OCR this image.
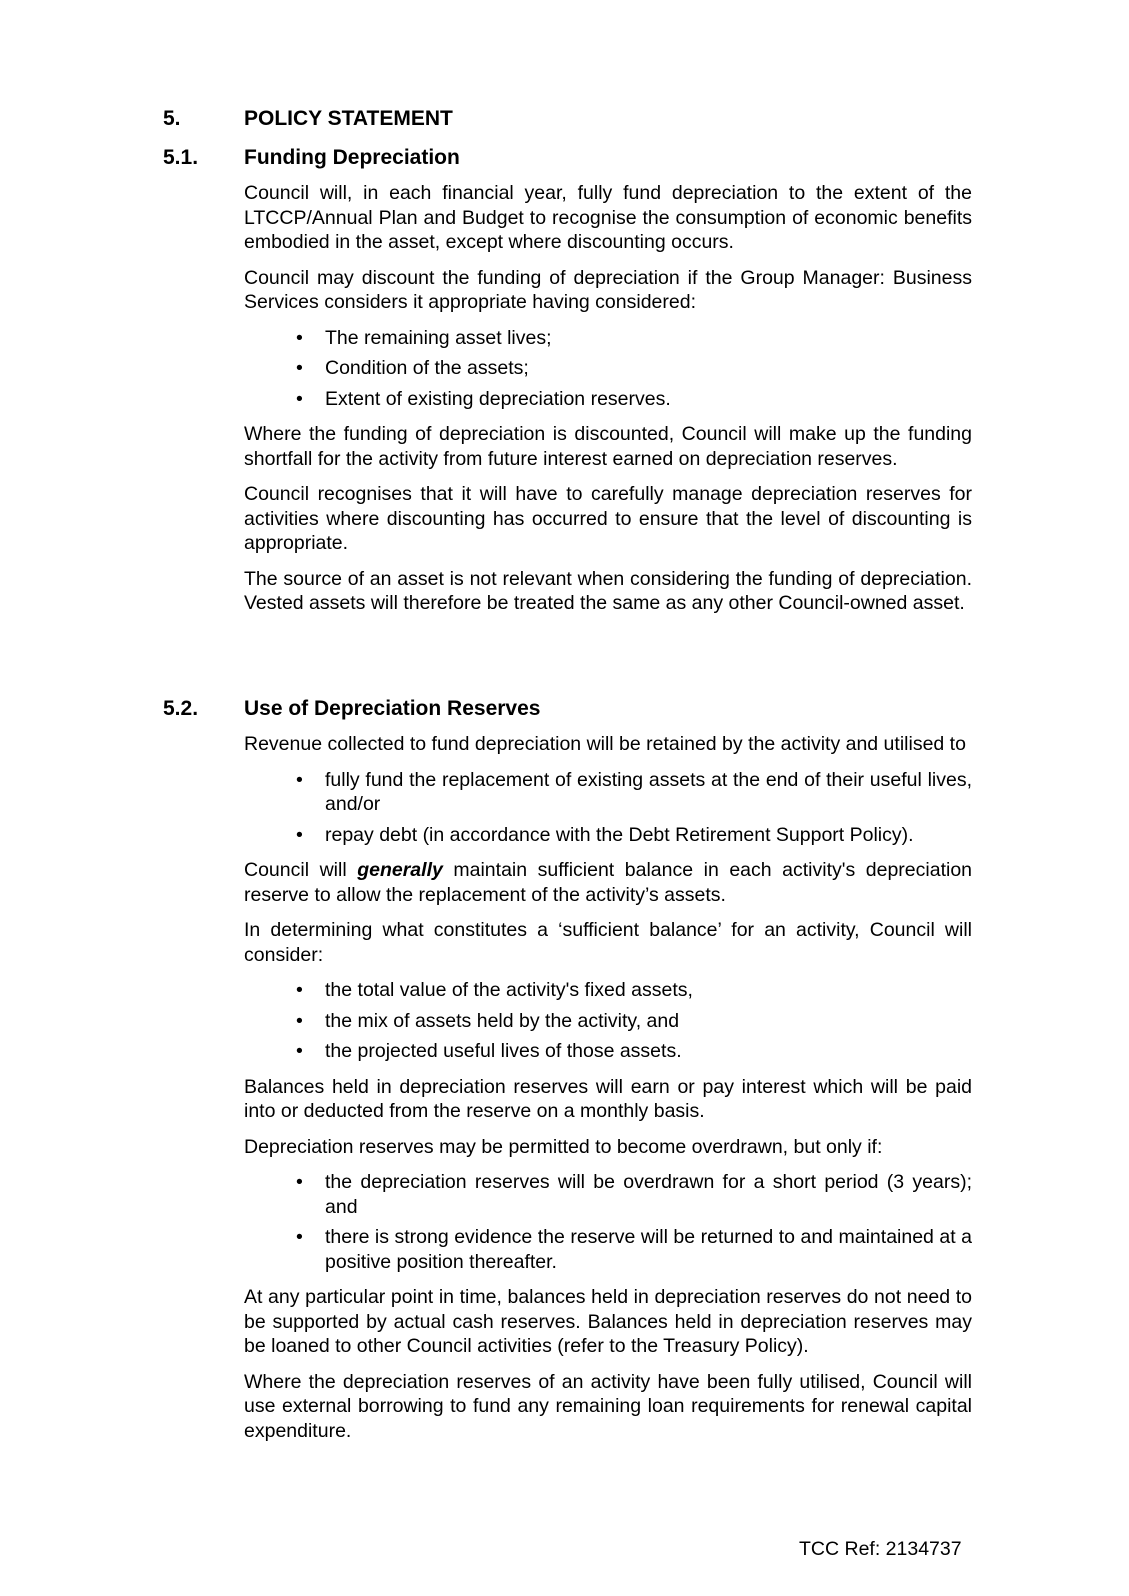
5.	POLICY STATEMENT
5.1. Funding Depreciation

Council will, in each financial year, fully fund depreciation to the extent of the LTCCP/Annual Plan and Budget to recognise the consumption of economic benefits embodied in the asset, except where discounting occurs.

Council may discount the funding of depreciation if the Group Manager: Business Services considers it appropriate having considered:

• The remaining asset lives;
• Condition of the assets;
• Extent of existing depreciation reserves.

Where the funding of depreciation is discounted, Council will make up the funding shortfall for the activity from future interest earned on depreciation reserves.

Council recognises that it will have to carefully manage depreciation reserves for activities where discounting has occurred to ensure that the level of discounting is appropriate.

The source of an asset is not relevant when considering the funding of depreciation. Vested assets will therefore be treated the same as any other Council-owned asset.

5.2. Use of Depreciation Reserves

Revenue collected to fund depreciation will be retained by the activity and utilised to

• fully fund the replacement of existing assets at the end of their useful lives, and/or
• repay debt (in accordance with the Debt Retirement Support Policy).

Council will generally maintain sufficient balance in each activity's depreciation reserve to allow the replacement of the activity’s assets.

In determining what constitutes a ‘sufficient balance’ for an activity, Council will consider:

• the total value of the activity's fixed assets,
• the mix of assets held by the activity, and
• the projected useful lives of those assets.

Balances held in depreciation reserves will earn or pay interest which will be paid into or deducted from the reserve on a monthly basis.

Depreciation reserves may be permitted to become overdrawn, but only if:

• the depreciation reserves will be overdrawn for a short period (3 years); and
• there is strong evidence the reserve will be returned to and maintained at a positive position thereafter.

At any particular point in time, balances held in depreciation reserves do not need to be supported by actual cash reserves. Balances held in depreciation reserves may be loaned to other Council activities (refer to the Treasury Policy).

Where the depreciation reserves of an activity have been fully utilised, Council will use external borrowing to fund any remaining loan requirements for renewal capital expenditure.

TCC Ref: 2134737
